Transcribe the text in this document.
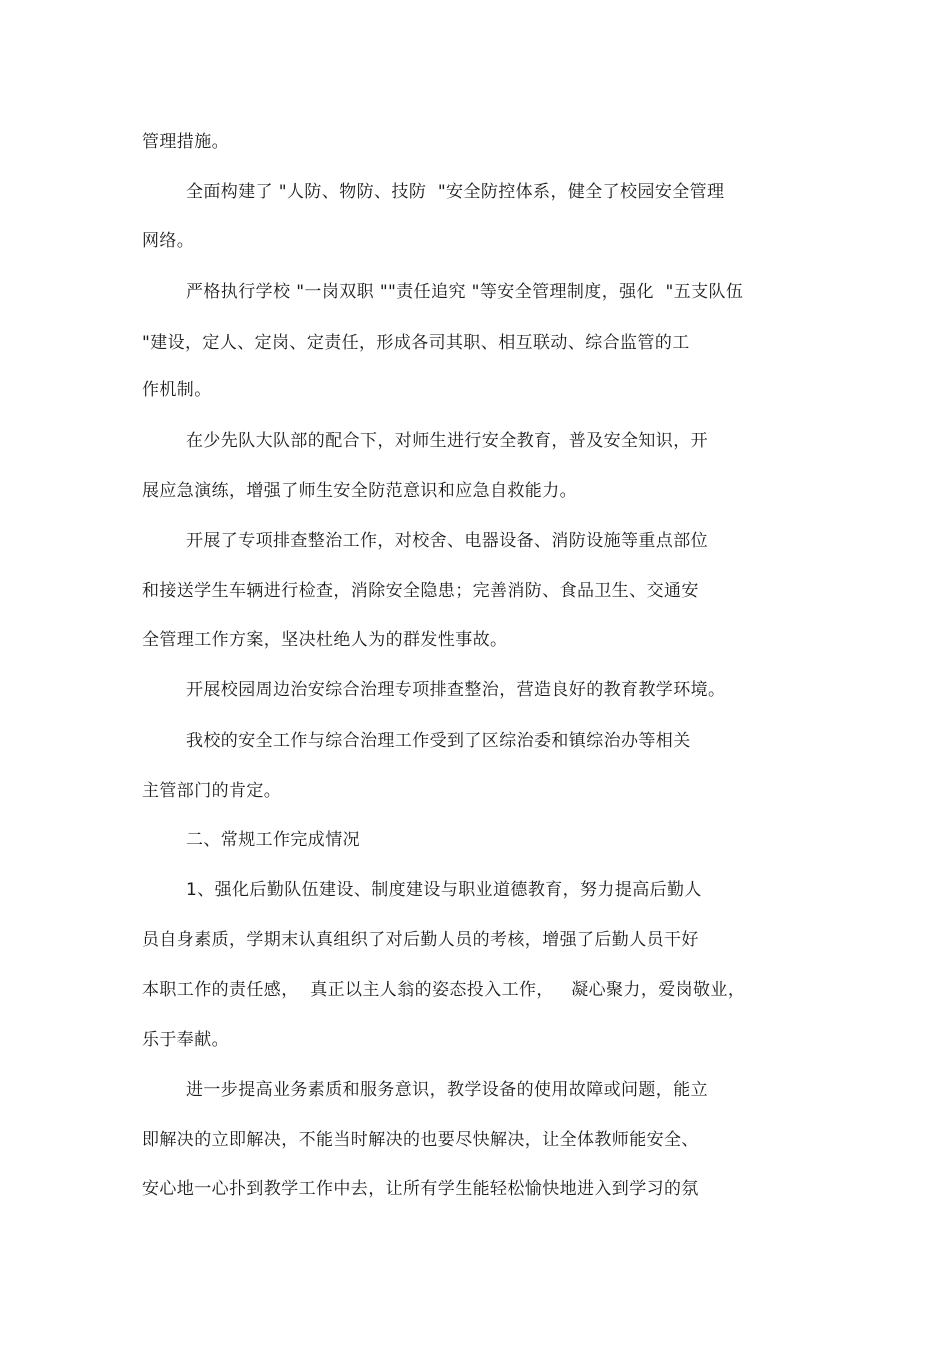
管理措施。
全面构建了 "人防、物防、技防  "安全防控体系，健全了校园安全管理
网络。
严格执行学校 "一岗双职 ""责任追究 "等安全管理制度，强化  "五支队伍
"建设，定人、定岗、定责任，形成各司其职、相互联动、综合监管的工
作机制。
在少先队大队部的配合下，对师生进行安全教育，普及安全知识，开
展应急演练，增强了师生安全防范意识和应急自救能力。
开展了专项排查整治工作，对校舍、电器设备、消防设施等重点部位
和接送学生车辆进行检查，消除安全隐患；完善消防、食品卫生、交通安
全管理工作方案，坚决杜绝人为的群发性事故。
开展校园周边治安综合治理专项排查整治，营造良好的教育教学环境。
我校的安全工作与综合治理工作受到了区综治委和镇综治办等相关
主管部门的肯定。
二、常规工作完成情况
1、强化后勤队伍建设、制度建设与职业道德教育，努力提高后勤人
员自身素质，学期末认真组织了对后勤人员的考核，增强了后勤人员干好
本职工作的责任感，  真正以主人翁的姿态投入工作，   凝心聚力，爱岗敬业，
乐于奉献。
进一步提高业务素质和服务意识，教学设备的使用故障或问题，能立
即解决的立即解决，不能当时解决的也要尽快解决，让全体教师能安全、
安心地一心扑到教学工作中去，让所有学生能轻松愉快地进入到学习的氛
